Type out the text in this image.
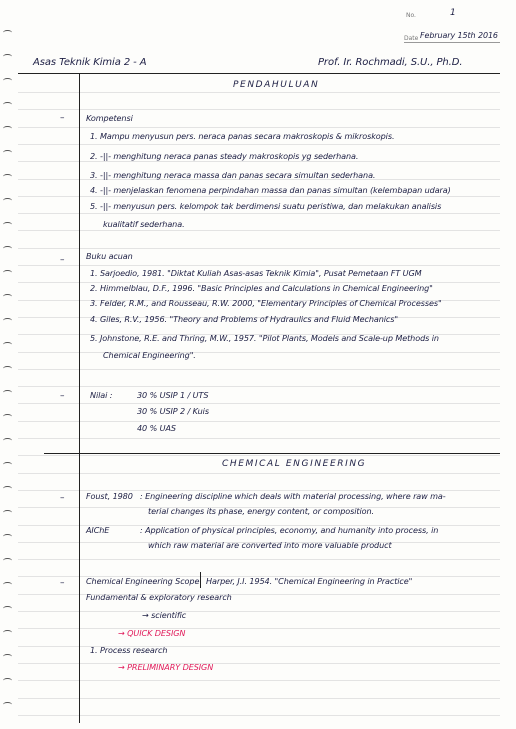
No.	1
Date February 15th 2016
Asas Teknik Kimia 2 - A	Prof. Ir. Rochmadi, S.U., Ph.D.
PENDAHULUAN
–	Kompetensi
1. Mampu menyusun pers. neraca panas secara makroskopis & mikroskopis.
2. -||- menghitung neraca panas steady makroskopis yg sederhana.
3. -||- menghitung neraca massa dan panas secara simultan sederhana.
4. -||- menjelaskan fenomena perpindahan massa dan panas simultan (kelembapan udara)
5. -||- menyusun pers. kelompok tak berdimensi suatu peristiwa, dan melakukan analisis
kualitatif sederhana.
–	Buku acuan
1. Sarjoedio, 1981. "Diktat Kuliah Asas-asas Teknik Kimia", Pusat Pemetaan FT UGM
2. Himmelblau, D.F., 1996. "Basic Principles and Calculations in Chemical Engineering"
3. Felder, R.M., and Rousseau, R.W. 2000, "Elementary Principles of Chemical Processes"
4. Giles, R.V., 1956. "Theory and Problems of Hydraulics and Fluid Mechanics"
5. Johnstone, R.E. and Thring, M.W., 1957. "Pilot Plants, Models and Scale-up Methods in
Chemical Engineering".
–	Nilai :	30 % USIP 1 / UTS
30 % USIP 2 / Kuis
40 % UAS
CHEMICAL ENGINEERING
–	Foust, 1980 : Engineering discipline which deals with material processing, where raw ma-
terial changes its phase, energy content, or composition.
AIChE	: Application of physical principles, economy, and humanity into process, in
which raw material are converted into more valuable product
–	Chemical Engineering Scope Harper, J.I. 1954. "Chemical Engineering in Practice"
Fundamental & exploratory research
→ scientific
→ QUICK DESIGN
1. Process research
→ PRELIMINARY DESIGN
